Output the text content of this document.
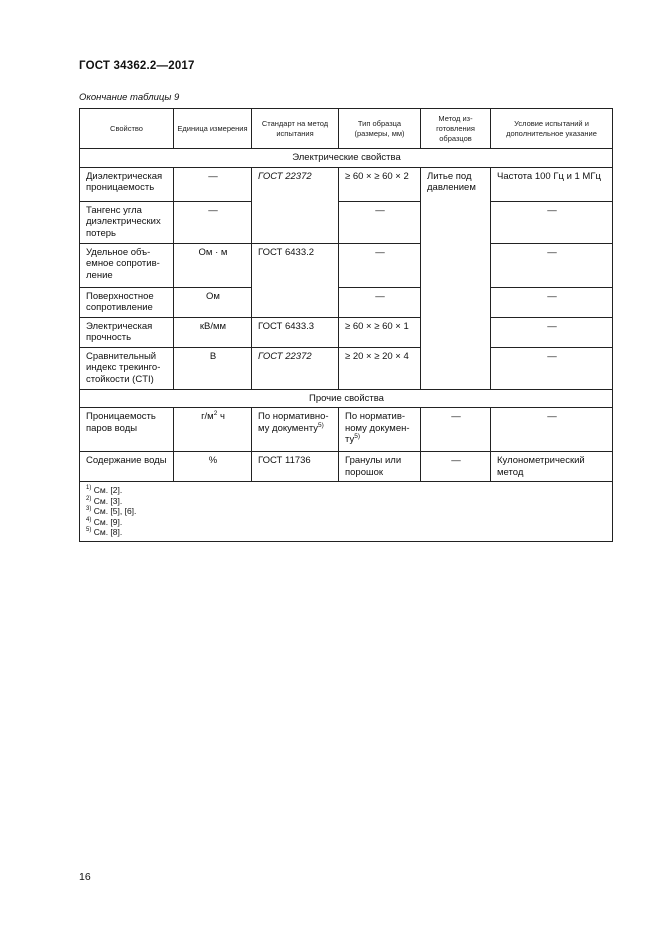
ГОСТ 34362.2—2017
Окончание таблицы 9
Свойство	Единица измерения	Стандарт на метод испытания	Тип образца (размеры, мм)	Метод из-готовления образцов	Условие испытаний и дополнительное указание
Электрические свойства					
Диэлектрическая проницаемость	—	ГОСТ 22372	≥ 60 × ≥ 60 × 2	Литье под давлением	Частота 100 Гц и 1 МГц
Тангенс угла диэлектрических потерь	—		—		—
Удельное объ-емное сопротив-ление	Ом · м	ГОСТ 6433.2	—		—
Поверхностное сопротивление	Ом		—		—
Электрическая прочность	кВ/мм	ГОСТ 6433.3	≥ 60 × ≥ 60 × 1		—
Сравнительный индекс трекинго-стойкости (CTI)	В	ГОСТ 22372	≥ 20 × ≥ 20 × 4		—
Прочие свойства					
Проницаемость паров воды	$г/м^2$ ч	По нормативно-му документу$^{5)}$	По норматив-ному докумен-$ту^{5)}$	—	—
Содержание воды	%	ГОСТ 11736	Гранулы или порошок	—	Кулонометрический метод

$^{1)}$ См. [2].
$^{2)}$ См. [3].
$^{3)}$ См. [5], [6].
$^{4)}$ См. [9].
$^{5)}$ См. [8].					
16
